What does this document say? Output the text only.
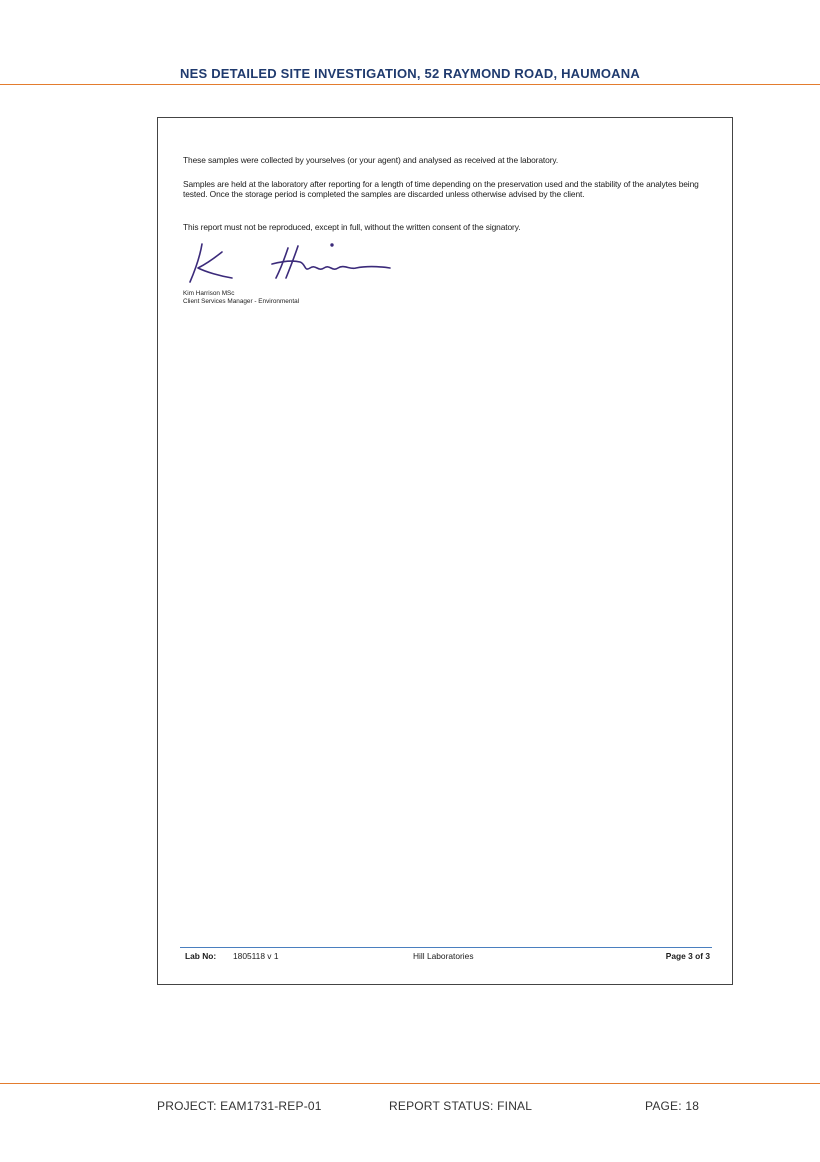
NES DETAILED SITE INVESTIGATION, 52 RAYMOND ROAD, HAUMOANA

These samples were collected by yourselves (or your agent) and analysed as received at the laboratory.

Samples are held at the laboratory after reporting for a length of time depending on the preservation used and the stability of the analytes being tested. Once the storage period is completed the samples are discarded unless otherwise advised by the client.

This report must not be reproduced, except in full, without the written consent of the signatory.

Kim Harrison MSc
Client Services Manager - Environmental
Lab No: 1805118 v 1	Hill Laboratories	Page 3 of 3
PROJECT: EAM1731-REP-01	REPORT STATUS: FINAL	PAGE: 18
